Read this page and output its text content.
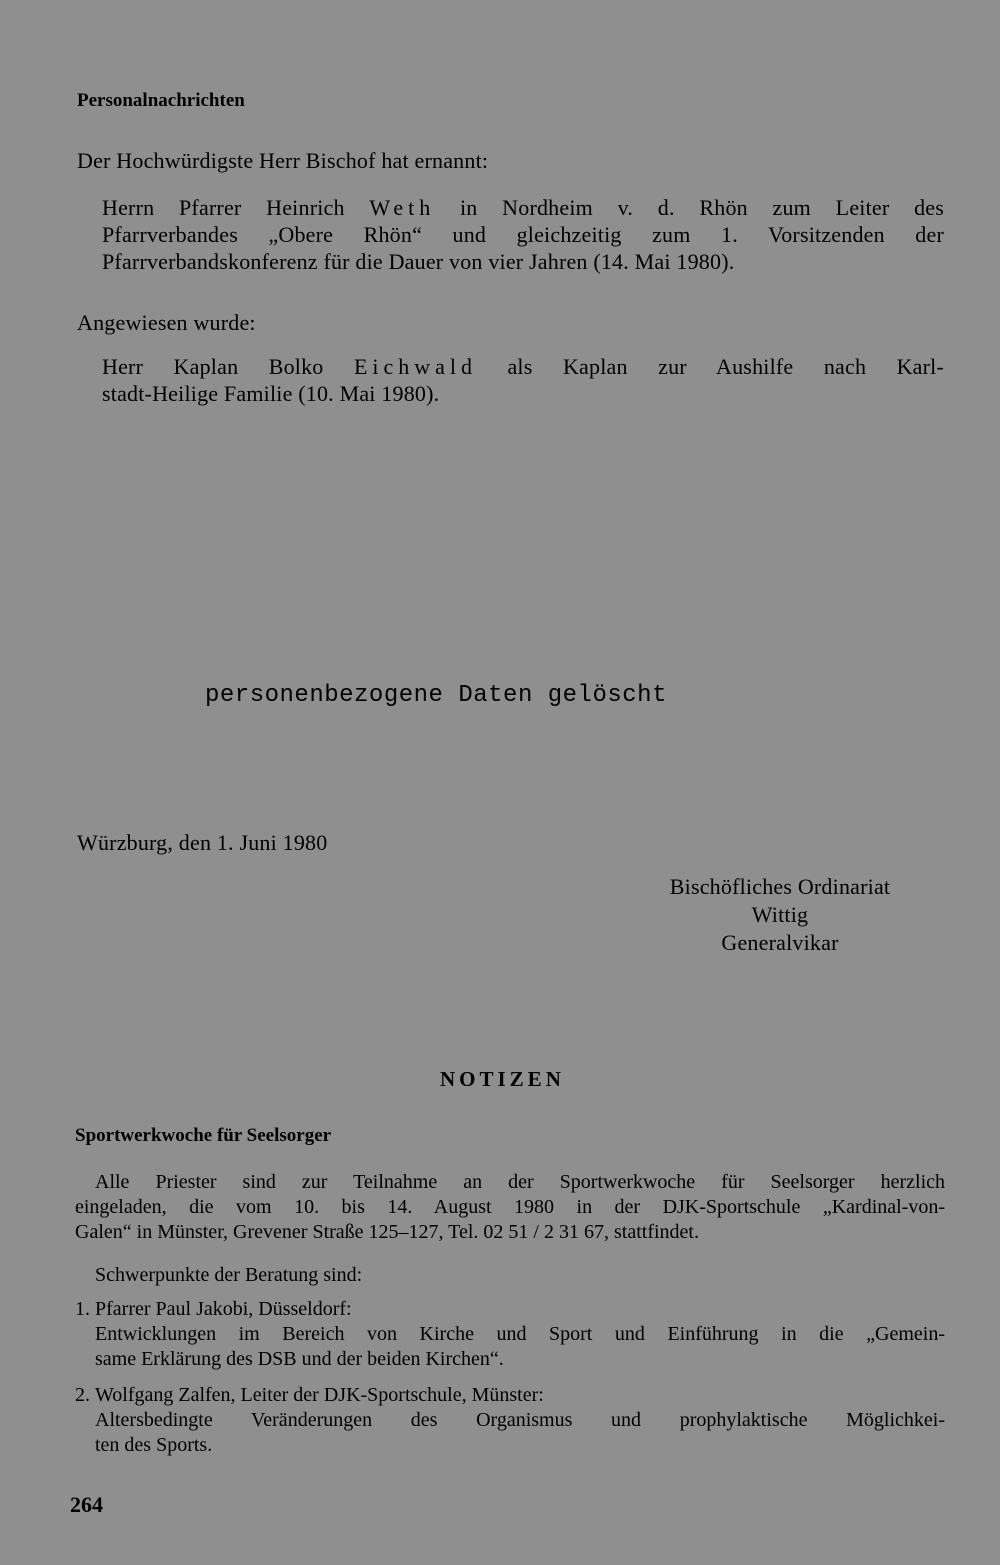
Personalnachrichten
Der Hochwürdigste Herr Bischof hat ernannt:
Herrn Pfarrer Heinrich Weth in Nordheim v. d. Rhön zum Leiter des
Pfarrverbandes „Obere Rhön“ und gleichzeitig zum 1. Vorsitzenden der
Pfarrverbandskonferenz für die Dauer von vier Jahren (14. Mai 1980).
Angewiesen wurde:
Herr Kaplan Bolko Eichwald als Kaplan zur Aushilfe nach Karl-
stadt-Heilige Familie (10. Mai 1980).
personenbezogene Daten gelöscht
Würzburg, den 1. Juni 1980
Bischöfliches Ordinariat
Wittig
Generalvikar
NOTIZEN
Sportwerkwoche für Seelsorger
Alle Priester sind zur Teilnahme an der Sportwerkwoche für Seelsorger herzlich
eingeladen, die vom 10. bis 14. August 1980 in der DJK-Sportschule „Kardinal-von-
Galen“ in Münster, Grevener Straße 125–127, Tel. 02 51 / 2 31 67, stattfindet.
Schwerpunkte der Beratung sind:
1. Pfarrer Paul Jakobi, Düsseldorf:
Entwicklungen im Bereich von Kirche und Sport und Einführung in die „Gemein-
same Erklärung des DSB und der beiden Kirchen“.
2. Wolfgang Zalfen, Leiter der DJK-Sportschule, Münster:
Altersbedingte Veränderungen des Organismus und prophylaktische Möglichkei-
ten des Sports.
264
